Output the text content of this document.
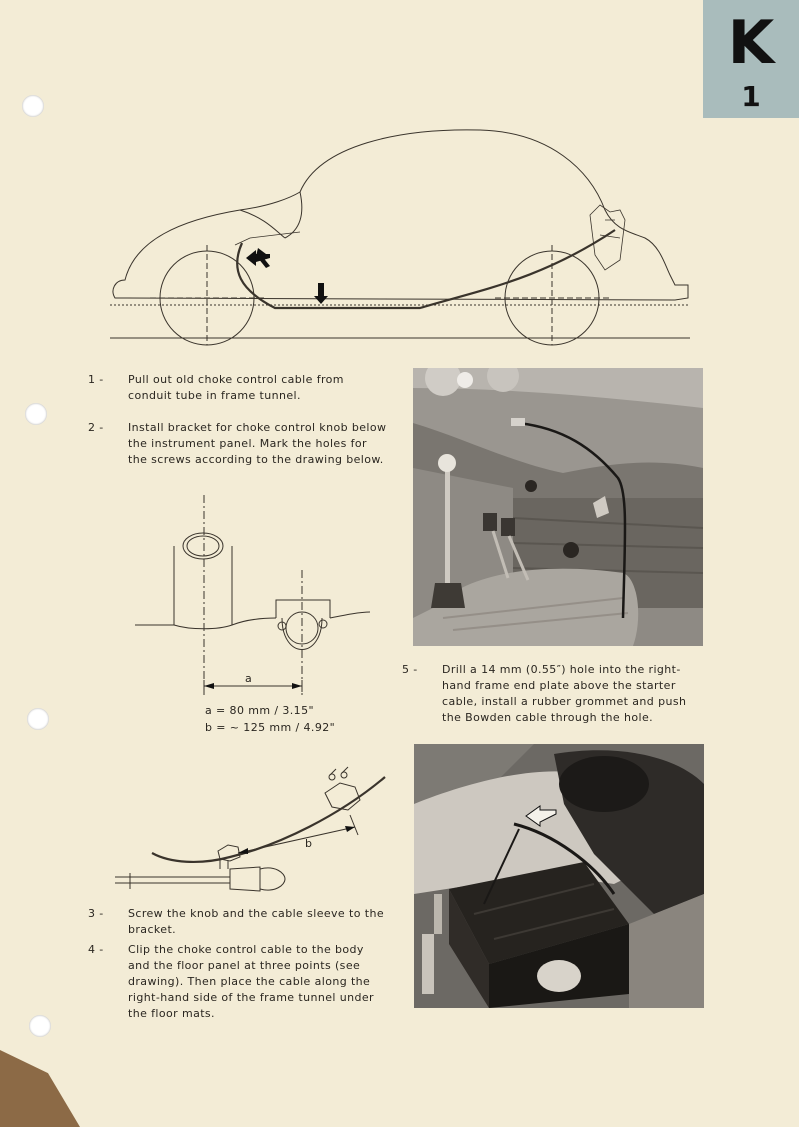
K
1
1 - Pull out old choke control cable from conduit tube in frame tunnel.
2 - Install bracket for choke control knob below the instrument panel. Mark the holes for the screws according to the drawing below.
a
a = 80 mm / 3.15"
b = ~ 125 mm / 4.92"
b
3 - Screw the knob and the cable sleeve to the bracket.
4 - Clip the choke control cable to the body and the floor panel at three points (see drawing). Then place the cable along the right-hand side of the frame tunnel under the floor mats.
5 - Drill a 14 mm (0.55″) hole into the right-hand frame end plate above the starter cable, install a rubber grommet and push the Bowden cable through the hole.
